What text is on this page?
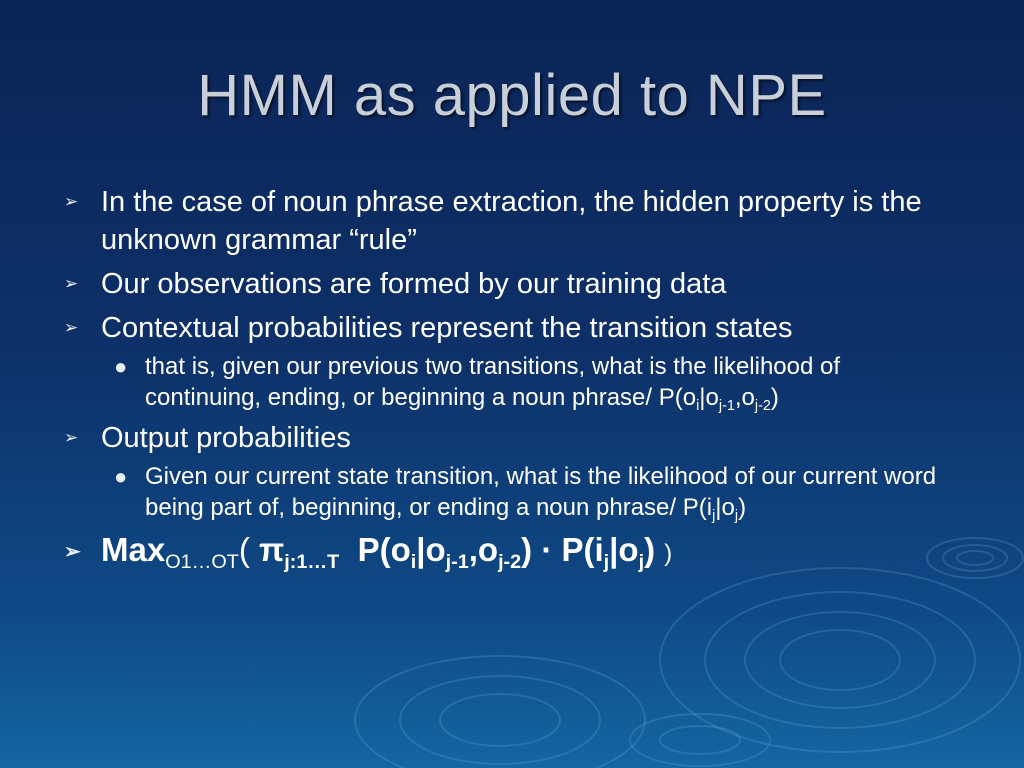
HMM as applied to NPE
➢ In the case of noun phrase extraction, the hidden property is the unknown grammar “rule”
➢ Our observations are formed by our training data
➢ Contextual probabilities represent the transition states
● that is, given our previous two transitions, what is the likelihood of continuing, ending, or beginning a noun phrase/ $P(o_i|o_{j-1},o_{j-2})$
➢ Output probabilities
● Given our current state transition, what is the likelihood of our current word being part of, beginning, or ending a noun phrase/ $P(i_j|o_j)$
➢ Max$_{O1\dots OT}$( $\pi_{j:1\dots T}$ $P(o_i|o_{j-1},o_{j-2}) \cdot P(i_j|o_j)$ )
